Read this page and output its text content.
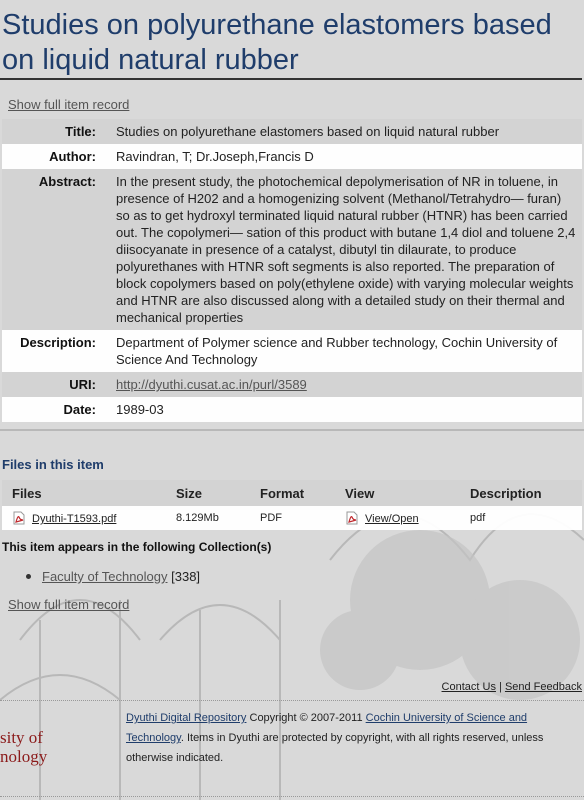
Studies on polyurethane elastomers based on liquid natural rubber
Show full item record
Title:	Studies on polyurethane elastomers based on liquid natural rubber
Author:	Ravindran, T; Dr.Joseph,Francis D
Abstract:	In the present study, the photochemical depolymerisation of NR in toluene, in presence of H202 and a homogenizing solvent (Methanol/Tetrahydro— furan) so as to get hydroxyl terminated liquid natural rubber (HTNR) has been carried out. The copolymeri— sation of this product with butane 1,4 diol and toluene 2,4 diisocyanate in presence of a catalyst, dibutyl tin dilaurate, to produce polyurethanes with HTNR soft segments is also reported. The preparation of block copolymers based on poly(ethylene oxide) with varying molecular weights and HTNR are also discussed along with a detailed study on their thermal and mechanical properties
Description:	Department of Polymer science and Rubber technology, Cochin University of Science And Technology
URI:	http://dyuthi.cusat.ac.in/purl/3589
Date:	1989-03
Files in this item
Files	Size	Format	View	Description
Dyuthi-T1593.pdf	8.129Mb	PDF	View/Open	pdf
This item appears in the following Collection(s)
Faculty of Technology [338]
Show full item record
Contact Us | Send Feedback
sity of
nology
Dyuthi Digital Repository Copyright © 2007-2011 Cochin University of Science and Technology. Items in Dyuthi are protected by copyright, with all rights reserved, unless otherwise indicated.
